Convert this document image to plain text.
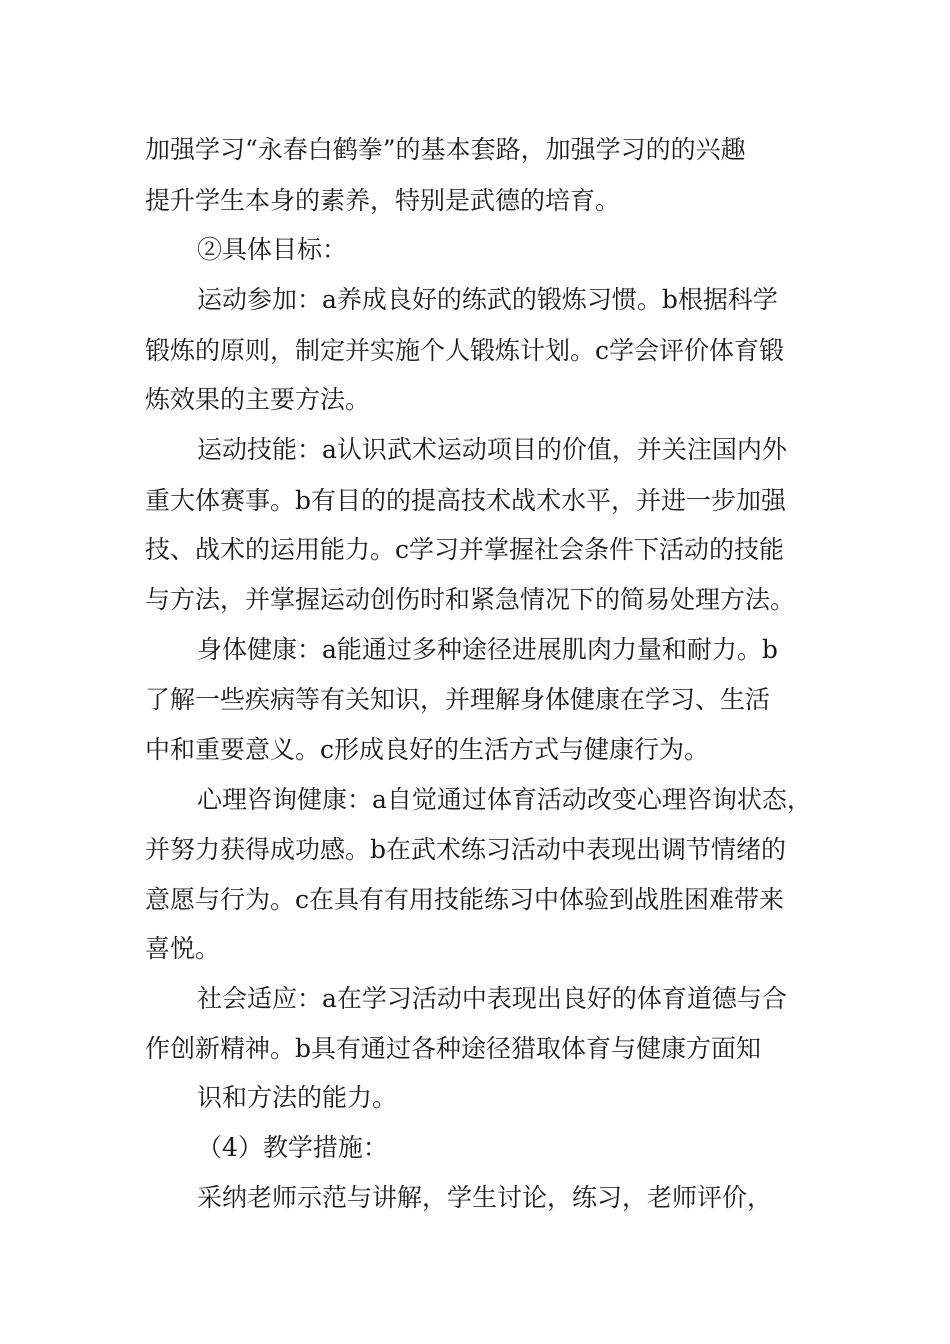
加强学习“永春白鹤拳”的基本套路，加强学习的的兴趣
提升学生本身的素养，特别是武德的培育。
②具体目标：
运动参加：a养成良好的练武的锻炼习惯。b根据科学
锻炼的原则，制定并实施个人锻炼计划。c学会评价体育锻
炼效果的主要方法。
运动技能：a认识武术运动项目的价值，并关注国内外
重大体赛事。b有目的的提高技术战术水平，并进一步加强
技、战术的运用能力。c学习并掌握社会条件下活动的技能
与方法，并掌握运动创伤时和紧急情况下的简易处理方法。
身体健康：a能通过多种途径进展肌肉力量和耐力。b
了解一些疾病等有关知识，并理解身体健康在学习、生活
中和重要意义。c形成良好的生活方式与健康行为。
心理咨询健康：a自觉通过体育活动改变心理咨询状态，
并努力获得成功感。b在武术练习活动中表现出调节情绪的
意愿与行为。c在具有有用技能练习中体验到战胜困难带来
喜悦。
社会适应：a在学习活动中表现出良好的体育道德与合
作创新精神。b具有通过各种途径猎取体育与健康方面知
识和方法的能力。
（4）教学措施：
采纳老师示范与讲解，学生讨论，练习，老师评价，
